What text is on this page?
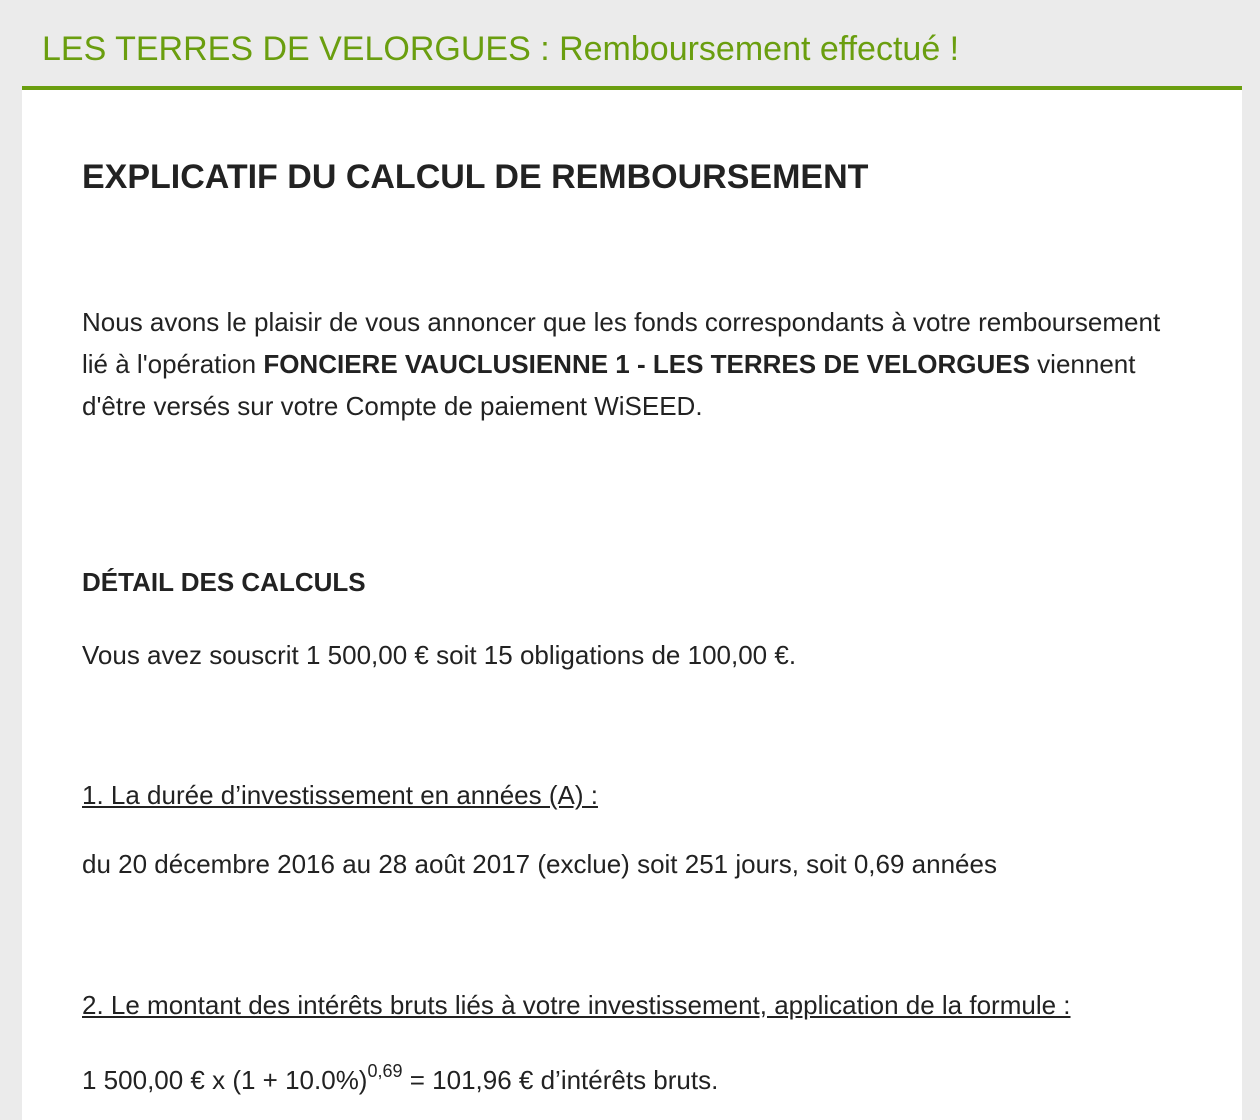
LES TERRES DE VELORGUES : Remboursement effectué !
EXPLICATIF DU CALCUL DE REMBOURSEMENT

Nous avons le plaisir de vous annoncer que les fonds correspondants à votre remboursement lié à l'opération FONCIERE VAUCLUSIENNE 1 - LES TERRES DE VELORGUES viennent d'être versés sur votre Compte de paiement WiSEED.

DÉTAIL DES CALCULS

Vous avez souscrit 1 500,00 € soit 15 obligations de 100,00 €.

1. La durée d’investissement en années (A) :

du 20 décembre 2016 au 28 août 2017 (exclue) soit 251 jours, soit 0,69 années

2. Le montant des intérêts bruts liés à votre investissement, application de la formule :

1 500,00 € x $(1 + 10.0\%)^{0,69} = 101,96$ € d’intérêts bruts.
